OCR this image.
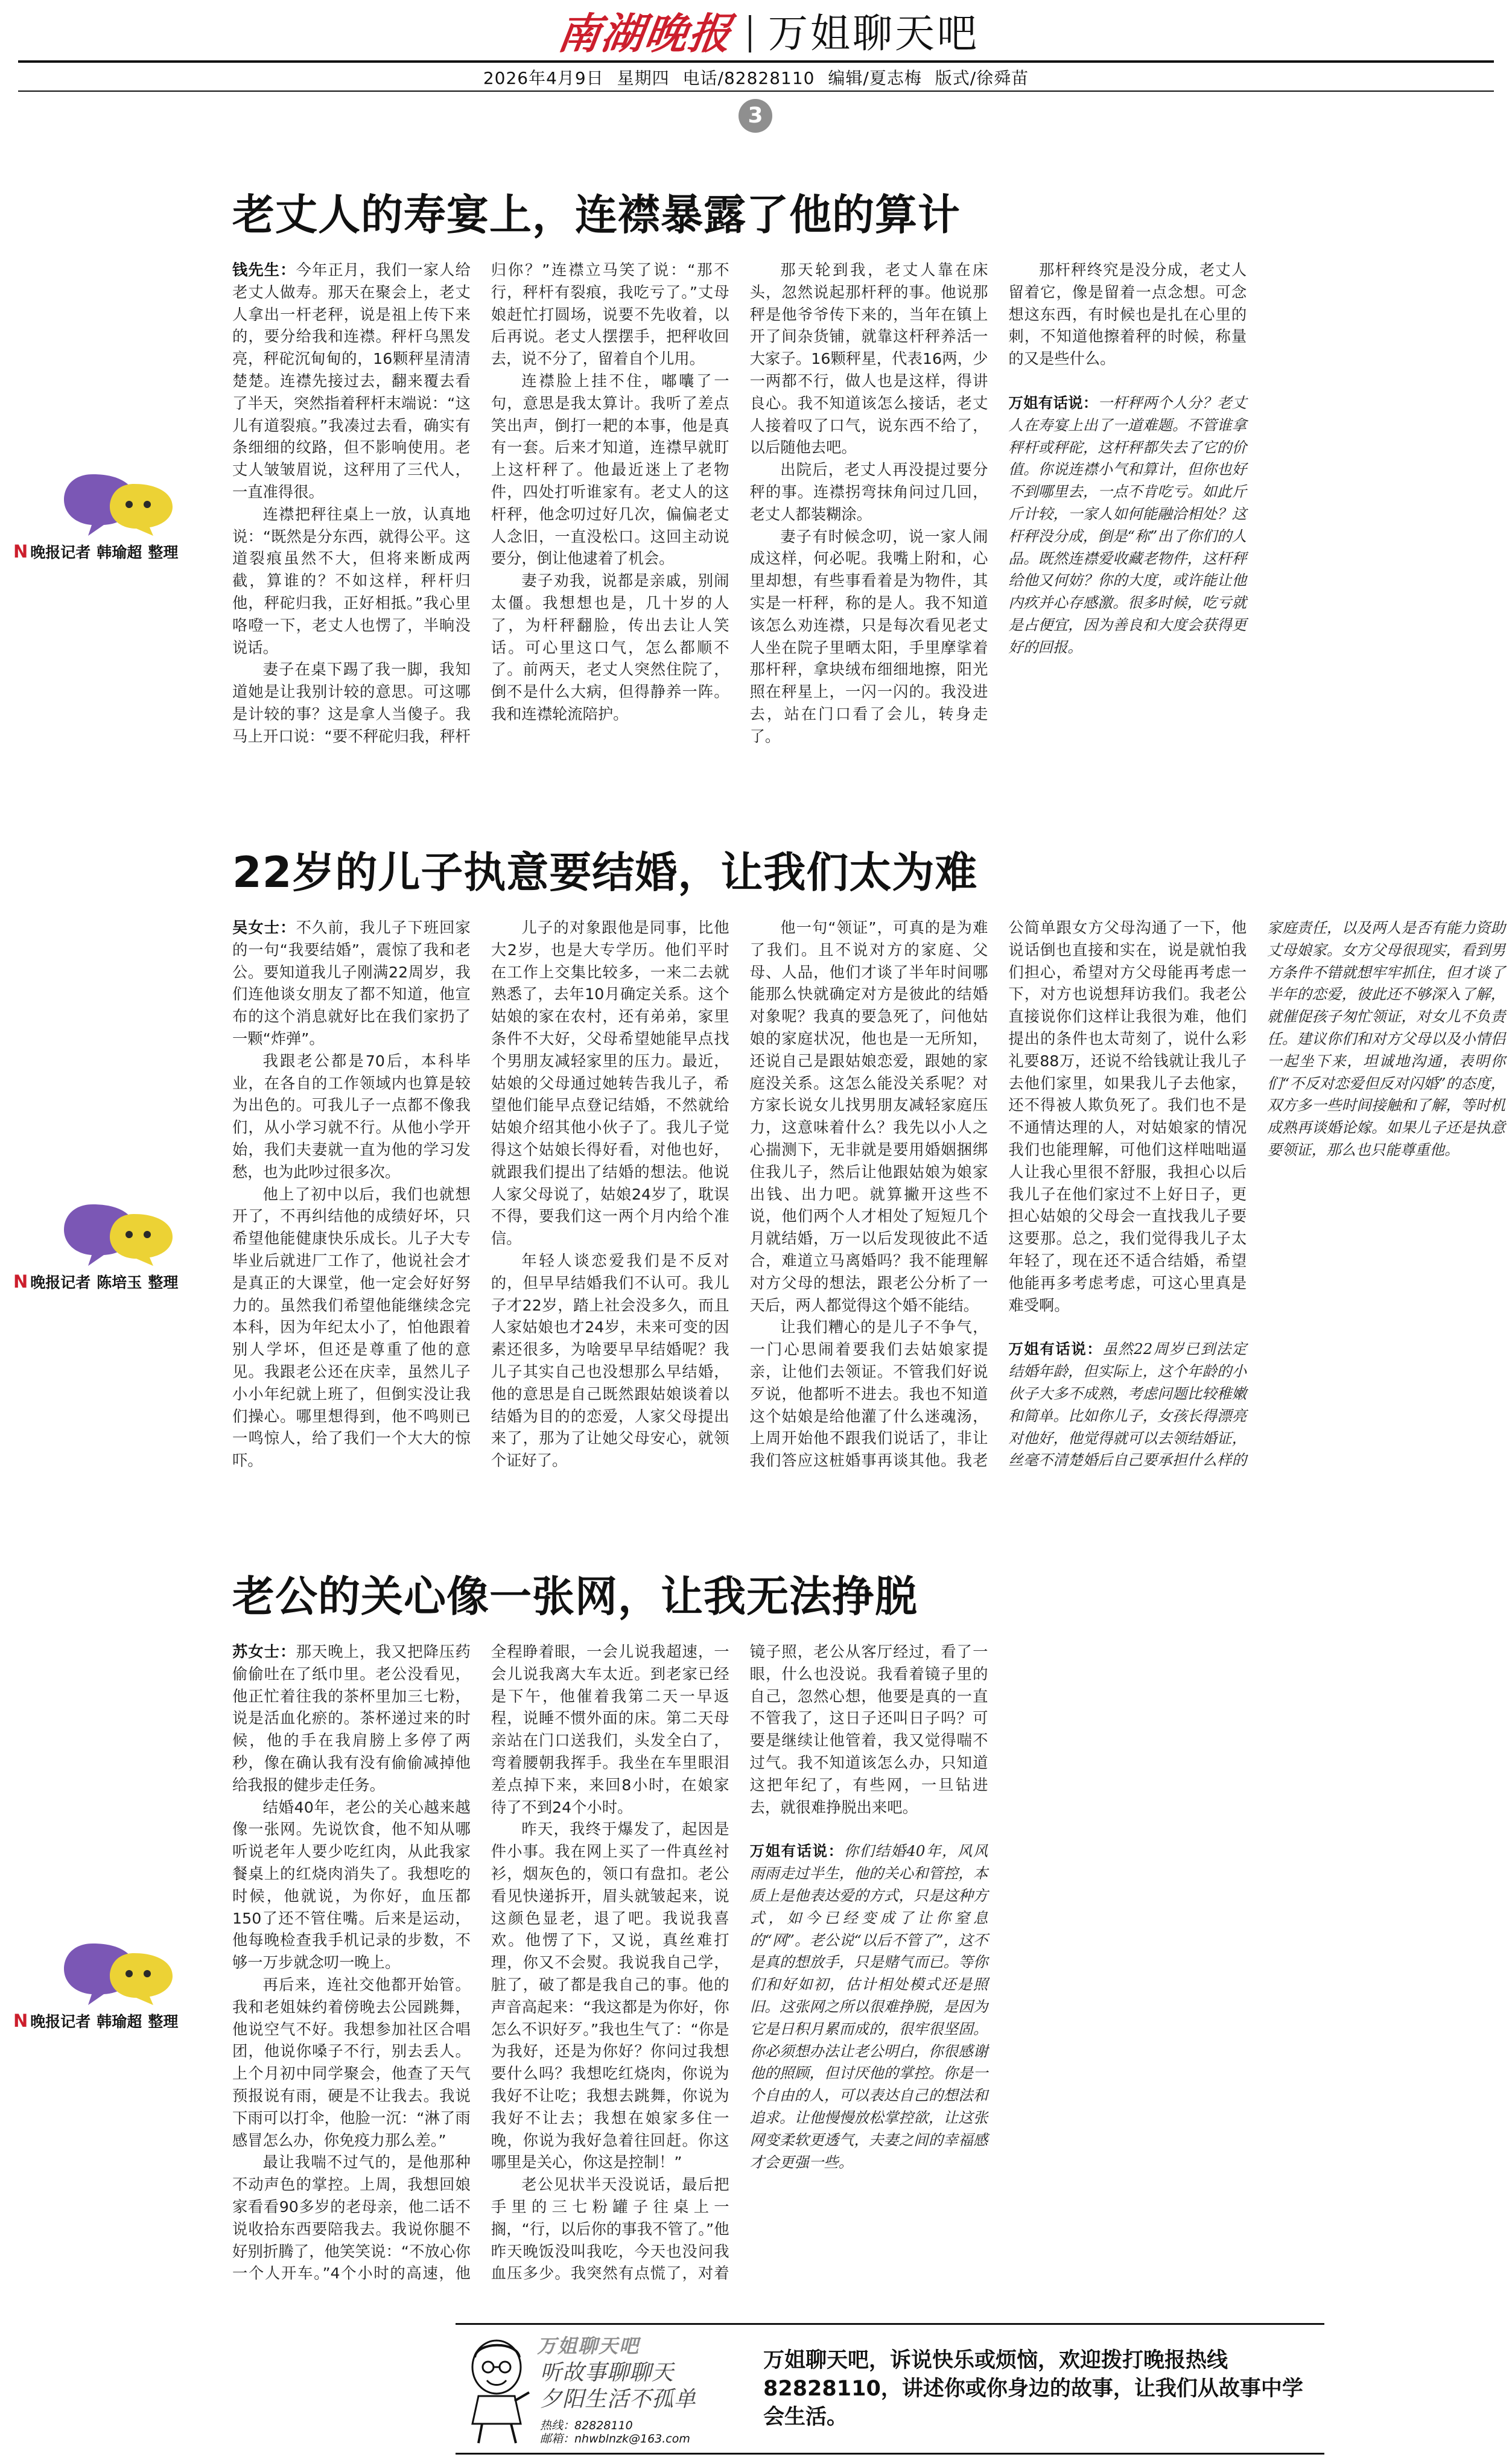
南湖晚报 万姐聊天吧
2026年4月9日 星期四 电话/82828110 编辑/夏志梅 版式/徐舜苗
3
老丈人的寿宴上，连襟暴露了他的算计
N 晚报记者 韩瑜超 整理

钱先生：今年正月，我们一家人给老丈人做寿。那天在聚会上，老丈人拿出一杆老秤，说是祖上传下来的，要分给我和连襟。秤杆乌黑发亮，秤砣沉甸甸的，16颗秤星清清楚楚。连襟先接过去，翻来覆去看了半天，突然指着秤杆末端说：“这儿有道裂痕。”我凑过去看，确实有条细细的纹路，但不影响使用。老丈人皱皱眉说，这秤用了三代人，一直准得很。

连襟把秤往桌上一放，认真地说：“既然是分东西，就得公平。这道裂痕虽然不大，但将来断成两截，算谁的？不如这样，秤杆归他，秤砣归我，正好相抵。”我心里咯噔一下，老丈人也愣了，半晌没说话。

妻子在桌下踢了我一脚，我知道她是让我别计较的意思。可这哪是计较的事？这是拿人当傻子。我马上开口说：“要不秤砣归我，秤杆归你？”连襟立马笑了说：“那不行，秤杆有裂痕，我吃亏了。”丈母娘赶忙打圆场，说要不先收着，以后再说。老丈人摆摆手，把秤收回去，说不分了，留着自个儿用。

连襟脸上挂不住，嘟囔了一句，意思是我太算计。我听了差点笑出声，倒打一耙的本事，他是真有一套。后来才知道，连襟早就盯上这杆秤了。他最近迷上了老物件，四处打听谁家有。老丈人的这杆秤，他念叨过好几次，偏偏老丈人念旧，一直没松口。这回主动说要分，倒让他逮着了机会。

妻子劝我，说都是亲戚，别闹太僵。我想想也是，几十岁的人了，为杆秤翻脸，传出去让人笑话。可心里这口气，怎么都顺不了。前两天，老丈人突然住院了，倒不是什么大病，但得静养一阵。我和连襟轮流陪护。

那天轮到我，老丈人靠在床头，忽然说起那杆秤的事。他说那秤是他爷爷传下来的，当年在镇上开了间杂货铺，就靠这杆秤养活一大家子。16颗秤星，代表16两，少一两都不行，做人也是这样，得讲良心。我不知道该怎么接话，老丈人接着叹了口气，说东西不给了，以后随他去吧。

出院后，老丈人再没提过要分秤的事。连襟拐弯抹角问过几回，老丈人都装糊涂。

妻子有时候念叨，说一家人闹成这样，何必呢。我嘴上附和，心里却想，有些事看着是为物件，其实是一杆秤，称的是人。我不知道该怎么劝连襟，只是每次看见老丈人坐在院子里晒太阳，手里摩挲着那杆秤，拿块绒布细细地擦，阳光照在秤星上，一闪一闪的。我没进去，站在门口看了会儿，转身走了。

那杆秤终究是没分成，老丈人留着它，像是留着一点念想。可念想这东西，有时候也是扎在心里的刺，不知道他擦着秤的时候，称量的又是些什么。

万姐有话说：一杆秤两个人分？老丈人在寿宴上出了一道难题。不管谁拿秤杆或秤砣，这杆秤都失去了它的价值。你说连襟小气和算计，但你也好不到哪里去，一点不肯吃亏。如此斤斤计较，一家人如何能融洽相处？这杆秤没分成，倒是“称”出了你们的人品。既然连襟爱收藏老物件，这杆秤给他又何妨？你的大度，或许能让他内疚并心存感激。很多时候，吃亏就是占便宜，因为善良和大度会获得更好的回报。

22岁的儿子执意要结婚，让我们太为难
N 晚报记者 陈培玉 整理

吴女士：不久前，我儿子下班回家的一句“我要结婚”，震惊了我和老公。要知道我儿子刚满22周岁，我们连他谈女朋友了都不知道，他宣布的这个消息就好比在我们家扔了一颗“炸弹”。

我跟老公都是70后，本科毕业，在各自的工作领域内也算是较为出色的。可我儿子一点都不像我们，从小学习就不行。从他小学开始，我们夫妻就一直为他的学习发愁，也为此吵过很多次。

他上了初中以后，我们也就想开了，不再纠结他的成绩好坏，只希望他能健康快乐成长。儿子大专毕业后就进厂工作了，他说社会才是真正的大课堂，他一定会好好努力的。虽然我们希望他能继续念完本科，因为年纪太小了，怕他跟着别人学坏，但还是尊重了他的意见。我跟老公还在庆幸，虽然儿子小小年纪就上班了，但倒实没让我们操心。哪里想得到，他不鸣则已一鸣惊人，给了我们一个大大的惊吓。

儿子的对象跟他是同事，比他大2岁，也是大专学历。他们平时在工作上交集比较多，一来二去就熟悉了，去年10月确定关系。这个姑娘的家在农村，还有弟弟，家里条件不大好，父母希望她能早点找个男朋友减轻家里的压力。最近，姑娘的父母通过她转告我儿子，希望他们能早点登记结婚，不然就给姑娘介绍其他小伙子了。我儿子觉得这个姑娘长得好看，对他也好，就跟我们提出了结婚的想法。他说人家父母说了，姑娘24岁了，耽误不得，要我们这一两个月内给个准信。

年轻人谈恋爱我们是不反对的，但早早结婚我们不认可。我儿子才22岁，踏上社会没多久，而且人家姑娘也才24岁，未来可变的因素还很多，为啥要早早结婚呢？我儿子其实自己也没想那么早结婚，他的意思是自己既然跟姑娘谈着以结婚为目的的恋爱，人家父母提出来了，那为了让她父母安心，就领个证好了。

他一句“领证”，可真的是为难了我们。且不说对方的家庭、父母、人品，他们才谈了半年时间哪能那么快就确定对方是彼此的结婚对象呢？我真的要急死了，问他姑娘的家庭状况，他也是一无所知，还说自己是跟姑娘恋爱，跟她的家庭没关系。这怎么能没关系呢？对方家长说女儿找男朋友减轻家庭压力，这意味着什么？我先以小人之心揣测下，无非就是要用婚姻捆绑住我儿子，然后让他跟姑娘为娘家出钱、出力吧。就算撇开这些不说，他们两个人才相处了短短几个月就结婚，万一以后发现彼此不适合，难道立马离婚吗？我不能理解对方父母的想法，跟老公分析了一天后，两人都觉得这个婚不能结。

让我们糟心的是儿子不争气，一门心思闹着要我们去姑娘家提亲，让他们去领证。不管我们好说歹说，他都听不进去。我也不知道这个姑娘是给他灌了什么迷魂汤，上周开始他不跟我们说话了，非让我们答应这桩婚事再谈其他。我老公简单跟女方父母沟通了一下，他说话倒也直接和实在，说是就怕我们担心，希望对方父母能再考虑一下，对方也说想拜访我们。我老公直接说你们这样让我很为难，他们提出的条件也太苛刻了，说什么彩礼要88万，还说不给钱就让我儿子去他们家里，如果我儿子去他家，还不得被人欺负死了。我们也不是不通情达理的人，对姑娘家的情况我们也能理解，可他们这样咄咄逼人让我心里很不舒服，我担心以后我儿子在他们家过不上好日子，更担心姑娘的父母会一直找我儿子要这要那。总之，我们觉得我儿子太年轻了，现在还不适合结婚，希望他能再多考虑考虑，可这心里真是难受啊。

万姐有话说：虽然22周岁已到法定结婚年龄，但实际上，这个年龄的小伙子大多不成熟，考虑问题比较稚嫩和简单。比如你儿子，女孩长得漂亮对他好，他觉得就可以去领结婚证，丝毫不清楚婚后自己要承担什么样的家庭责任，以及两人是否有能力资助丈母娘家。女方父母很现实，看到男方条件不错就想牢牢抓住，但才谈了半年的恋爱，彼此还不够深入了解，就催促孩子匆忙领证，对女儿不负责任。建议你们和对方父母以及小情侣一起坐下来，坦诚地沟通，表明你们“不反对恋爱但反对闪婚”的态度，双方多一些时间接触和了解，等时机成熟再谈婚论嫁。如果儿子还是执意要领证，那么也只能尊重他。

老公的关心像一张网，让我无法挣脱
N 晚报记者 韩瑜超 整理

苏女士：那天晚上，我又把降压药偷偷吐在了纸巾里。老公没看见，他正忙着往我的茶杯里加三七粉，说是活血化瘀的。茶杯递过来的时候，他的手在我肩膀上多停了两秒，像在确认我有没有偷偷减掉他给我报的健步走任务。

结婚40年，老公的关心越来越像一张网。先说饮食，他不知从哪听说老年人要少吃红肉，从此我家餐桌上的红烧肉消失了。我想吃的时候，他就说，为你好，血压都150了还不管住嘴。后来是运动，他每晚检查我手机记录的步数，不够一万步就念叨一晚上。

再后来，连社交他都开始管。我和老姐妹约着傍晚去公园跳舞，他说空气不好。我想参加社区合唱团，他说你嗓子不行，别去丢人。上个月初中同学聚会，他查了天气预报说有雨，硬是不让我去。我说下雨可以打伞，他脸一沉：“淋了雨感冒怎么办，你免疫力那么差。”

最让我喘不过气的，是他那种不动声色的掌控。上周，我想回娘家看看90多岁的老母亲，他二话不说收拾东西要陪我去。我说你腿不好别折腾了，他笑笑说：“不放心你一个人开车。”4个小时的高速，他全程睁着眼，一会儿说我超速，一会儿说我离大车太近。到老家已经是下午，他催着我第二天一早返程，说睡不惯外面的床。第二天母亲站在门口送我们，头发全白了，弯着腰朝我挥手。我坐在车里眼泪差点掉下来，来回8小时，在娘家待了不到24个小时。

昨天，我终于爆发了，起因是件小事。我在网上买了一件真丝衬衫，烟灰色的，领口有盘扣。老公看见快递拆开，眉头就皱起来，说这颜色显老，退了吧。我说我喜欢。他愣了下，又说，真丝难打理，你又不会熨。我说我自己学，脏了，破了都是我自己的事。他的声音高起来：“我这都是为你好，你怎么不识好歹。”我也生气了：“你是为我好，还是为你好？你问过我想要什么吗？我想吃红烧肉，你说为我好不让吃；我想去跳舞，你说为我好不让去；我想在娘家多住一晚，你说为我好急着往回赶。你这哪里是关心，你这是控制！”

老公见状半天没说话，最后把手里的三七粉罐子往桌上一搁，“行，以后你的事我不管了。”他昨天晚饭没叫我吃，今天也没问我血压多少。我突然有点慌了，对着镜子照，老公从客厅经过，看了一眼，什么也没说。我看着镜子里的自己，忽然心想，他要是真的一直不管我了，这日子还叫日子吗？可要是继续让他管着，我又觉得喘不过气。我不知道该怎么办，只知道这把年纪了，有些网，一旦钻进去，就很难挣脱出来吧。

万姐有话说：你们结婚40年，风风雨雨走过半生，他的关心和管控，本质上是他表达爱的方式，只是这种方式，如今已经变成了让你窒息的“网”。老公说“以后不管了”，这不是真的想放手，只是赌气而已。等你们和好如初，估计相处模式还是照旧。这张网之所以很难挣脱，是因为它是日积月累而成的，很牢很坚固。你必须想办法让老公明白，你很感谢他的照顾，但讨厌他的掌控。你是一个自由的人，可以表达自己的想法和追求。让他慢慢放松掌控欲，让这张网变柔软更透气，夫妻之间的幸福感才会更强一些。

万姐聊天吧
听故事聊聊天
夕阳生活不孤单
热线：82828110
邮箱：nhwblnzk@163.com
万姐聊天吧，诉说快乐或烦恼，欢迎拨打晚报热线82828110，讲述你或你身边的故事，让我们从故事中学会生活。
